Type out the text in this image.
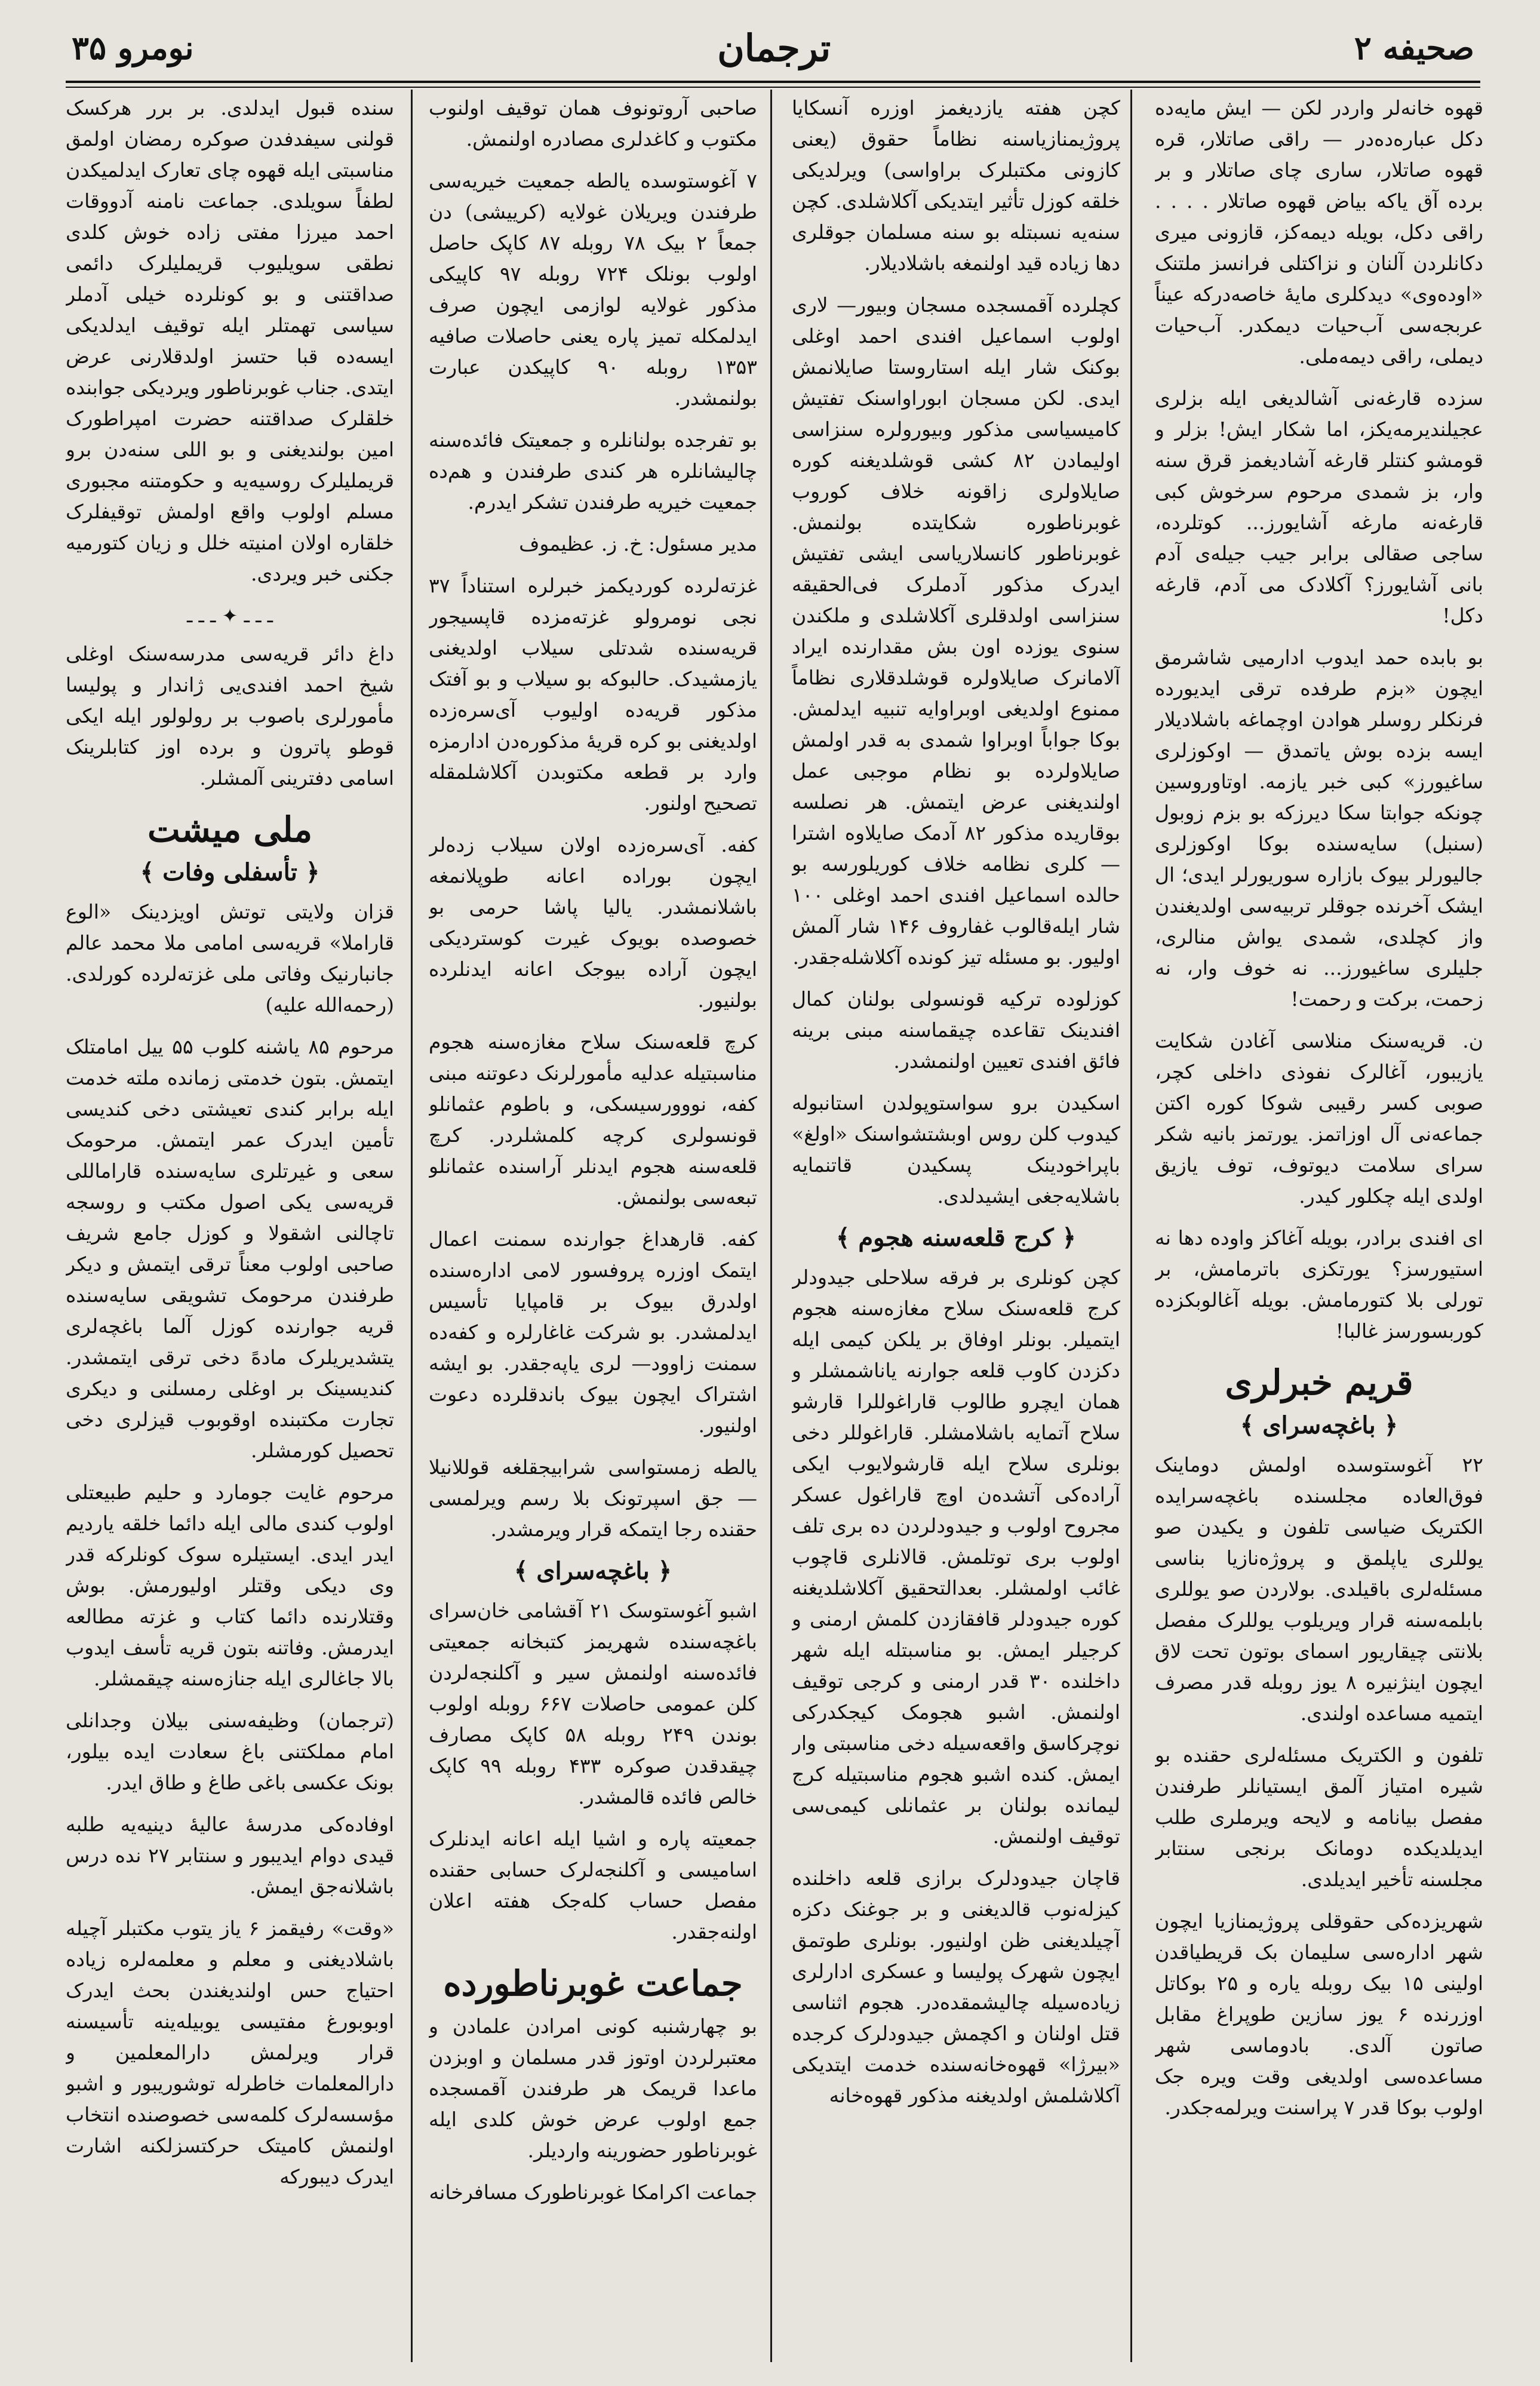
صحیفه ۲
ترجمان
نومرو ۳۵

قهوه خانه‌لر واردر لکن — ایش مایه‌ده دکل عباره‌ده‌در — راقی صاتلار، قره قهوه صاتلار، ساری چای صاتلار و بر برده آق یاکه بیاض قهوه صاتلار . . . . راقی دکل، بویله دیمه‌کز، قازونی میری دکانلردن آلنان و نزاکتلی فرانسز ملتنک «اوده‌وی» دیدکلری مایهٔ خاصه‌درکه عیناً عربجه‌سی آب‌حیات دیمکدر. آب‌حیات دیملی، راقی دیمه‌ملی.

سزده قارغه‌نی آشالدیغی ایله بزلری عجیلندیرمه‌یکز، اما شکار ایش! بزلر و قومشو کنتلر قارغه آشادیغمز قرق سنه وار، بز شمدی مرحوم سرخوش کبی قارغه‌نه مارغه آشایورز... کوتلرده، ساجی صقالی برابر جیب جیله‌ی آدم بانی آشایورز؟ آکلادک می آدم، قارغه دکل!

بو بابده حمد ایدوب ادارمیی شاشرمق ایچون «بزم طرفده ترقی ایدیورده فرنکلر روسلر هوادن اوچماغه باشلادیلار ایسه بزده بوش یاتمدق — اوکوزلری ساغیورز» کبی خبر یازمه. اوتاوروسین چونکه جوابتا سکا دیرزکه بو بزم زوبول (سنبل) سایه‌سنده بوکا اوکوزلری جالیورلر بیوک بازاره سوریورلر ایدی؛ ال ایشک آخرنده جوقلر تربیه‌سی اولدیغندن واز کچلدی، شمدی یواش منالری، جلیلری ساغیورز... نه خوف وار، نه زحمت، برکت و رحمت!

ن. قریه‌سنک منلاسی آغادن شکایت یازیبور، آغالرک نفوذی داخلی کچر، صوبی کسر رقیبی شوکا کوره اکتن جماعه‌نی آل اوزاتمز. یورتمز بانیه شکر سرای سلامت دیوتوف، توف یازیق اولدی ایله چکلور کیدر.

ای افندی برادر، بویله آغاکز واوده دها نه استیورسز؟ یورتکزی باترمامش، بر تورلی بلا کتورمامش. بویله آغالوبکزده کوربسورسز غالبا!

قریم خبرلری
﴿ باغچه‌سرای ﴾

۲۲ آغوستوسده اولمش دوماینک فوق‌العاده مجلسنده باغچه‌سرایده الکتریک ضیاسی تلفون و یکیدن صو یوللری یاپلمق و پروژه‌نازیا بناسی مسئله‌لری باقیلدی. بولاردن صو یوللری بابلمه‌سنه قرار ویریلوب یوللرک مفصل بلانتی چیقاریور اسمای بوتون تحت لاق ایچون اینژنیره ۸ یوز روبله قدر مصرف ایتمیه مساعده اولندی.

تلفون و الکتریک مسئله‌لری حقنده بو شیره امتیاز آلمق ایستیانلر طرفندن مفصل بیانامه و لایحه ویرملری طلب ایدیلدیکده دومانک برنجی سنتابر مجلسنه تأخیر ایدیلدی.

شهریزده‌کی حقوقلی پروژیمنازیا ایچون شهر اداره‌سی سلیمان بک قریطیاقدن اولینی ۱۵ بیک روبله یاره و ۲۵ بوکاتل اوزرنده ۶ یوز سازین طوپراغ مقابل صاتون آلدی. بادوماسی شهر مساعده‌سی اولدیغی وقت ویره جک اولوب بوکا قدر ۷ پراسنت ویرلمه‌جکدر.

کچن هفته یازدیغمز اوزره آنسکایا پروژیمنازیاسنه نظاماً حقوق (یعنی کازونی مکتبلرک براواسی) ویرلدیکی خلقه کوزل تأثیر ایتدیکی آکلاشلدی. کچن سنه‌یه نسبتله بو سنه مسلمان جوقلری دها زیاده قید اولنمغه باشلادیلار.

کچلرده آقمسجده مسجان وبیور— لاری اولوب اسماعیل افندی احمد اوغلی بوکنک شار ایله استاروستا صایلانمش ایدی. لکن مسجان ابوراواسنک تفتیش کامیسیاسی مذکور وبیورولره سنزاسی اولیمادن ۸۲ کشی قوشلدیغنه کوره صایلاولری زاقونه خلاف کوروب غوبرناطوره شکایتده بولنمش. غوبرناطور کانسلاریاسی ایشی تفتیش ایدرک مذکور آدملرک فی‌الحقیقه سنزاسی اولدقلری آکلاشلدی و ملکندن سنوی یوزده اون بش مقدارنده ایراد آلامانرک صایلاولره قوشلدقلاری نظاماً ممنوع اولدیغی اوبراوایه تنبیه ایدلمش. بوکا جواباً اوبراوا شمدی به قدر اولمش صایلاولرده بو نظام موجبی عمل اولندیغنی عرض ایتمش. هر نصلسه بوقاریده مذکور ۸۲ آدمک صایلاوه اشترا— کلری نظامه خلاف کوریلورسه بو حالده اسماعیل افندی احمد اوغلی ۱۰۰ شار ایله‌قالوب غفاروف ۱۴۶ شار آلمش اولیور. بو مسئله تیز کونده آکلاشله‌جقدر.

کوزلوده ترکیه قونسولی بولنان کمال افندینک تقاعده چیقماسنه مبنی برینه فائق افندی تعیین اولنمشدر.

اسکیدن برو سواستوپولدن استانبوله کیدوب کلن روس اوبشتشواسنک «اولغ» باپراخودینک پسکیدن قاتنمایه باشلایه‌جغی ایشیدلدی.

﴿ کرج قلعه‌سنه هجوم ﴾

کچن کونلری بر فرقه سلاحلی جیدودلر کرج قلعه‌سنک سلاح مغازه‌سنه هجوم ایتمیلر. بونلر اوفاق بر یلکن کیمی ایله دکزدن کاوب قلعه جوارنه یاناشمشلر و همان ایچرو طالوب قاراغوللرا قارشو سلاح آتمایه باشلامشلر. قاراغوللر دخی بونلری سلاح ایله قارشولایوب ایکی آراده‌کی آتشده‌ن اوچ قاراغول عسکر مجروح اولوب و جیدودلردن ده بری تلف اولوب بری توتلمش. قالانلری قاچوب غائب اولمشلر. بعدالتحقیق آکلاشلدیغنه کوره جیدودلر قافقازدن کلمش ارمنی و کرجیلر ایمش. بو مناسبتله ایله شهر داخلنده ۳۰ قدر ارمنی و کرجی توقیف اولنمش. اشبو هجومک کیجکدرکی نوچرکاسق واقعه‌سیله دخی مناسبتی وار ایمش. کنده اشبو هجوم مناسبتیله کرج لیمانده بولنان بر عثمانلی کیمی‌سی توقیف اولنمش.

قاچان جیدودلرک برازی قلعه داخلنده کیزله‌نوب قالدیغنی و بر جوغنک دکزه آچیلدیغنی ظن اولنیور. بونلری طوتمق ایچون شهرک پولیسا و عسکری ادارلری زیاده‌سیله چالیشمقده‌در. هجوم اثناسی قتل اولنان و اکچمش جیدودلرک کرجده «بیرژا» قهوه‌خانه‌سنده خدمت ایتدیکی آکلاشلمش اولدیغنه مذکور قهوه‌خانه

صاحبی آروتونوف همان توقیف اولنوب مکتوب و کاغدلری مصادره اولنمش.

۷ آغوستوسده یالطه جمعیت خیریه‌سی طرفندن ویریلان غولایه (کرییشی) دن جمعاً ۲ بیک ۷۸ روبله ۸۷ کاپک حاصل اولوب بونلک ۷۲۴ روبله ۹۷ کاپیکی مذکور غولایه لوازمی ایچون صرف ایدلمکله تمیز پاره یعنی حاصلات صافیه ۱۳۵۳ روبله ۹۰ کاپیکدن عبارت بولنمشدر.

بو تفرجده بولنانلره و جمعیتک فائده‌سنه چالیشانلره هر کندی طرفندن و هم‌ده جمعیت خیریه طرفندن تشکر ایدرم.

مدیر مسئول: خ. ز. عظیموف

غزته‌لرده کوردیکمز خبرلره استناداً ۳۷ نجی نومرولو غزته‌مزده قاپسیجور قریه‌سنده شدتلی سیلاب اولدیغنی یازمشیدک. حالبوکه بو سیلاب و بو آفتک مذکور قریه‌ده اولیوب آی‌سره‌زده اولدیغنی بو کره قریهٔ مذکوره‌دن ادارمزه وارد بر قطعه مکتوبدن آکلاشلمقله تصحیح اولنور.

کفه. آی‌سره‌زده اولان سیلاب زده‌لر ایچون بوراده اعانه طوپلانمغه باشلانمشدر. یالیا پاشا حرمی بو خصوصده بویوک غیرت کوستردیکی ایچون آراده بیوجک اعانه ایدنلرده بولنیور.

کرچ قلعه‌سنک سلاح مغازه‌سنه هجوم مناسبتیله عدلیه مأمورلرنک دعوتنه مبنی کفه، نووورسیسکی، و باطوم عثمانلو قونسولری کرچه کلمشلردر. کرچ قلعه‌سنه هجوم ایدنلر آراسنده عثمانلو تبعه‌سی بولنمش.

کفه. قارهداغ جوارنده سمنت اعمال ایتمک اوزره پروفسور لامی اداره‌سنده اولدرق بیوک بر قامپایا تأسیس ایدلمشدر. بو شرکت غاغارلره و کفه‌ده سمنت زاوود— لری یاپه‌جقدر. بو ایشه اشتراک ایچون بیوک باندقلرده دعوت اولنیور.

یالطه زمستواسی شرابیجقلغه قوللانیلا— جق اسپرتونک بلا رسم ویرلمسی حقنده رجا ایتمکه قرار ویرمشدر.

﴿ باغچه‌سرای ﴾

اشبو آغوستوسک ۲۱ آقشامی خان‌سرای باغچه‌سنده شهریمز کتبخانه جمعیتی فائده‌سنه اولنمش سیر و آکلنجه‌لردن کلن عمومی حاصلات ۶۶۷ روبله اولوب بوندن ۲۴۹ روبله ۵۸ کاپک مصارف چیقدقدن صوکره ۴۳۳ روبله ۹۹ کاپک خالص فائده قالمشدر.

جمعیته پاره و اشیا ایله اعانه ایدنلرک اسامیسی و آکلنجه‌لرک حسابی حقنده مفصل حساب کله‌جک هفته اعلان اولنه‌جقدر.

جماعت غوبرناطورده

بو چهارشنبه کونی امرادن علمادن و معتبرلردن اوتوز قدر مسلمان و اوبزدن ماعدا قریمک هر طرفندن آقمسجده جمع اولوب عرض خوش کلدی ایله غوبرناطور حضورینه واردیلر.

جماعت اکرامکا غوبرناطورک مسافرخانه

سنده قبول ایدلدی. بر برر هرکسک قولنی سیفدفدن صوکره رمضان اولمق مناسبتی ایله قهوه چای تعارک ایدلمیکدن لطفاً سویلدی. جماعت نامنه آدووقات احمد میرزا مفتی زاده خوش کلدی نطقی سویلیوب قریملیلرک دائمی صداقتنی و بو کونلرده خیلی آدملر سیاسی تهمتلر ایله توقیف ایدلدیکی ایسه‌ده قبا حتسز اولدقلارنی عرض ایتدی. جناب غوبرناطور ویردیکی جوابنده خلقلرک صداقتنه حضرت امپراطورک امین بولندیغنی و بو اللی سنه‌دن برو قریملیلرک روسیه‌یه و حکومتنه مجبوری مسلم اولوب واقع اولمش توقیفلرک خلقاره اولان امنیته خلل و زیان کتورمیه جکنی خبر ویردی.

ـ ـ ـ ✦ ـ ـ ـ

داغ دائر قریه‌سی مدرسه‌سنک اوغلی شیخ احمد افندی‌یی ژاندار و پولیسا مأمورلری باصوب بر رولولور ایله ایکی قوطو پاترون و برده اوز کتابلرینک اسامی دفترینی آلمشلر.

ملی میشت
﴿ تأسفلی وفات ﴾

قزان ولایتی توتش اویزدینک «الوع قاراملا» قریه‌سی امامی ملا محمد عالم جانبارنیک وفاتی ملی غزته‌لرده کورلدی. (رحمه‌الله علیه)

مرحوم ۸۵ یاشنه کلوب ۵۵ ییل امامتلک ایتمش. بتون خدمتی زمانده ملته خدمت ایله برابر کندی تعیشتی دخی کندیسی تأمین ایدرک عمر ایتمش. مرحومک سعی و غیرتلری سایه‌سنده قاراماللی قریه‌سی یکی اصول مکتب و روسجه تاچالنی اشقولا و کوزل جامع شریف صاحبی اولوب معناً ترقی ایتمش و دیکر طرفندن مرحومک تشویقی سایه‌سنده قریه جوارنده کوزل آلما باغچه‌لری یتشدیریلرک مادهً دخی ترقی ایتمشدر. کندیسینک بر اوغلی رمسلنی و دیکری تجارت مکتبنده اوقوبوب قیزلری دخی تحصیل کورمشلر.

مرحوم غایت جومارد و حلیم طبیعتلی اولوب کندی مالی ایله دائما خلقه یاردیم ایدر ایدی. ایستیلره سوک کونلرکه قدر وی دیکی وقتلر اولیورمش. بوش وقتلارنده دائما کتاب و غزته مطالعه ایدرمش. وفاتنه بتون قریه تأسف ایدوب بالا جاغالری ایله جنازه‌سنه چیقمشلر.

(ترجمان) وظیفه‌سنی بیلان وجدانلی امام مملکتنی باغ سعادت ایده بیلور، بونک عکسی باغی طاغ و طاق ایدر.

اوفاده‌کی مدرسهٔ عالیهٔ دینیه‌یه طلبه قیدی دوام ایدیبور و سنتابر ۲۷ نده درس باشلانه‌جق ایمش.

«وقت» رفیقمز ۶ یاز یتوب مکتبلر آچیله باشلادیغنی و معلم و معلمه‌لره زیاده احتیاج حس اولندیغندن بحث ایدرک اوبوبورغ مفتیسی یوبیله‌ینه تأسیسنه قرار ویرلمش دارالمعلمین و دارالمعلمات خاطرله توشوریبور و اشبو مؤسسه‌لرک کلمه‌سی خصوصنده انتخاب اولنمش کامیتک حرکتسزلکنه اشارت ایدرک دیبورکه
